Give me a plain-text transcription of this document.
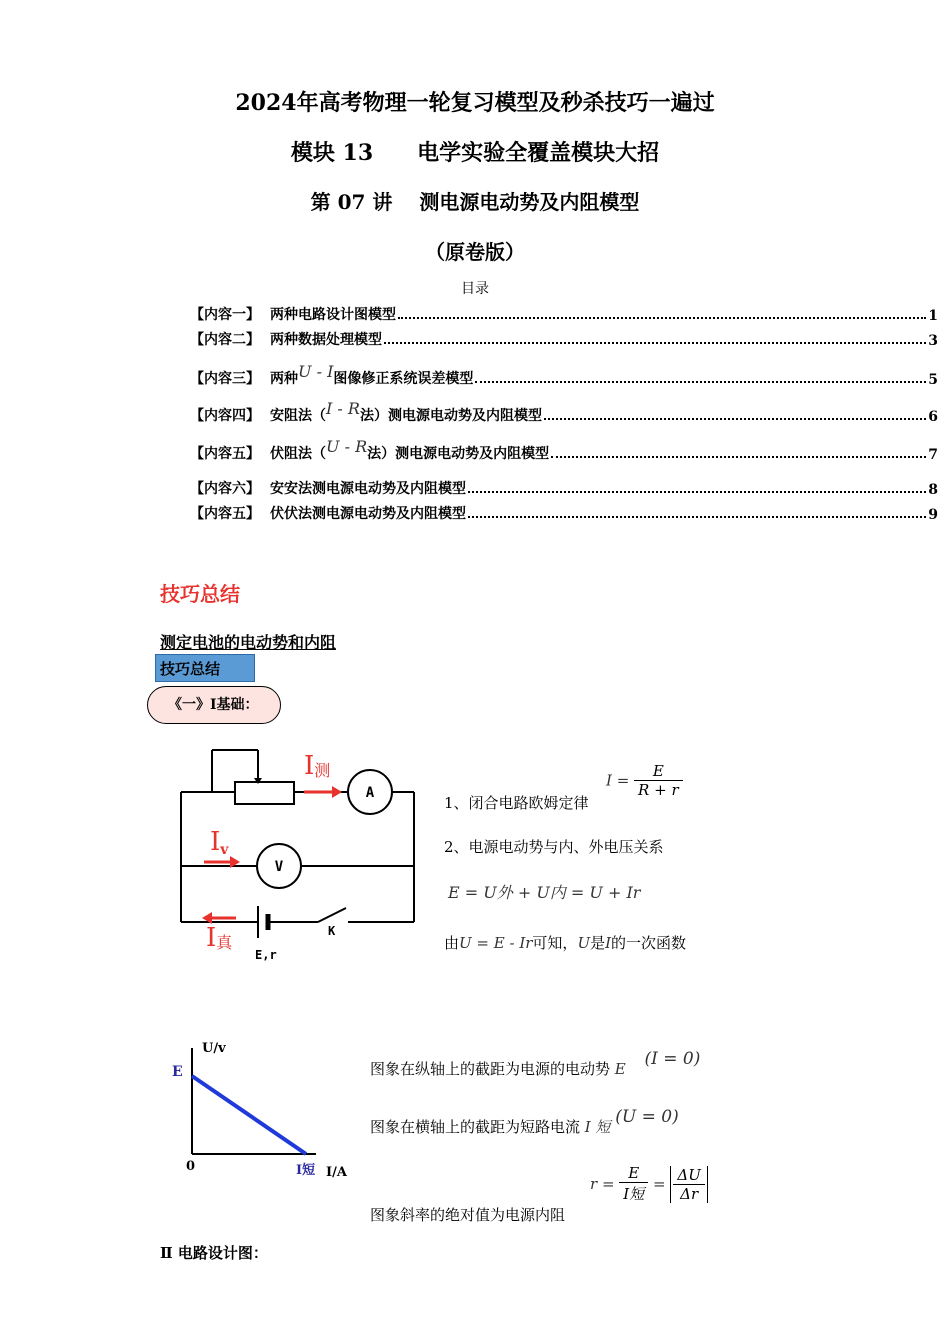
2024年高考物理一轮复习模型及秒杀技巧一遍过
模块 13　　电学实验全覆盖模块大招
第 07 讲　 测电源电动势及内阻模型
（原卷版）
目录
【内容一】 两种电路设计图模型	1
【内容二】 两种数据处理模型	3
【内容三】 两种U - I图像修正系统误差模型	5
【内容四】 安阻法（I - R法）测电源电动势及内阻模型	6
【内容五】 伏阻法（U - R法）测电源电动势及内阻模型	7
【内容六】 安安法测电源电动势及内阻模型	8
【内容五】 伏伏法测电源电动势及内阻模型	9
技巧总结
测定电池的电动势和内阻
技巧总结
《一》Ⅰ基础：
A
V
E,r
K
I测
Iv
I真
1、闭合电路欧姆定律
$I = \frac{E}{R + r}$
2、电源电动势与内、外电压关系
E = U外 + U内 = U + Ir
由U = E - Ir可知，U是I的一次函数
U/v
I/A
E
0	I短
图象在纵轴上的截距为电源的电动势 E (I = 0)
图象在横轴上的截距为短路电流 I 短 (U = 0)
图象斜率的绝对值为电源内阻
$r = \frac{E}{\text{I短}} = \frac{\Delta U}{\Delta r}$
Ⅱ 电路设计图：
